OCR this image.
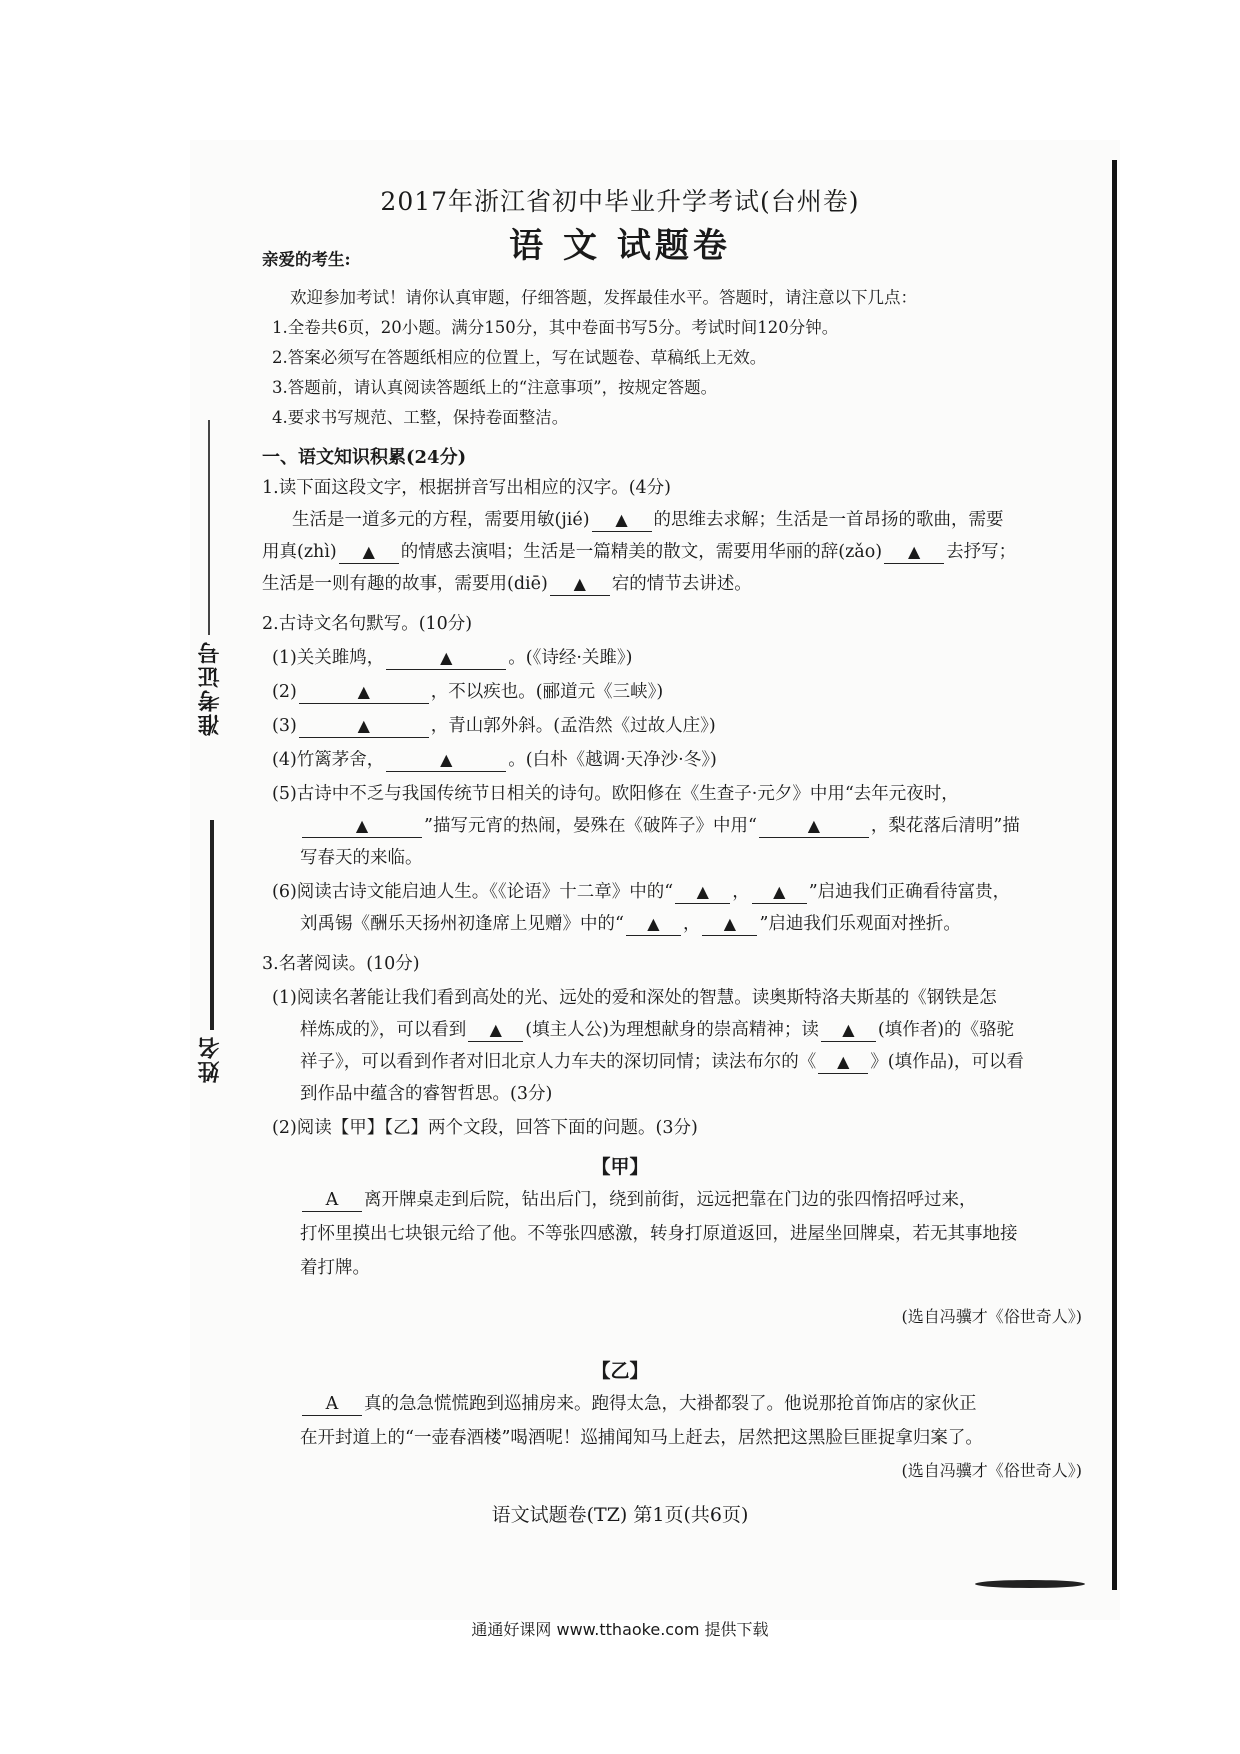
准考证号
姓名
2017年浙江省初中毕业升学考试(台州卷)
语 文 试题卷
亲爱的考生:
欢迎参加考试！请你认真审题，仔细答题，发挥最佳水平。答题时，请注意以下几点：
1.全卷共6页，20小题。满分150分，其中卷面书写5分。考试时间120分钟。
2.答案必须写在答题纸相应的位置上，写在试题卷、草稿纸上无效。
3.答题前，请认真阅读答题纸上的“注意事项”，按规定答题。
4.要求书写规范、工整，保持卷面整洁。
一、语文知识积累(24分)
1.读下面这段文字，根据拼音写出相应的汉字。(4分)
生活是一道多元的方程，需要用敏(jié) ▲ 的思维去求解；生活是一首昂扬的歌曲，需要
用真(zhì) ▲ 的情感去演唱；生活是一篇精美的散文，需要用华丽的辞(zǎo) ▲ 去抒写；
生活是一则有趣的故事，需要用(diē) ▲ 宕的情节去讲述。
2.古诗文名句默写。(10分)
(1)关关雎鸠，	▲	。(《诗经·关雎》)
(2)	▲	，不以疾也。(郦道元《三峡》)
(3)	▲	，青山郭外斜。(孟浩然《过故人庄》)
(4)竹篱茅舍，	▲	。(白朴《越调·天净沙·冬》)
(5)古诗中不乏与我国传统节日相关的诗句。欧阳修在《生查子·元夕》中用“去年元夜时，
▲	”描写元宵的热闹，晏殊在《破阵子》中用“	▲	，梨花落后清明”描
写春天的来临。
(6)阅读古诗文能启迪人生。《《论语》十二章》中的“ ▲ ， ▲ ”启迪我们正确看待富贵，
刘禹锡《酬乐天扬州初逢席上见赠》中的“ ▲ ， ▲ ”启迪我们乐观面对挫折。
3.名著阅读。(10分)
(1)阅读名著能让我们看到高处的光、远处的爱和深处的智慧。读奥斯特洛夫斯基的《钢铁是怎
样炼成的》，可以看到 ▲ (填主人公)为理想献身的崇高精神；读 ▲ (填作者)的《骆驼
祥子》，可以看到作者对旧北京人力车夫的深切同情；读法布尔的《 ▲ 》(填作品)，可以看
到作品中蕴含的睿智哲思。(3分)
(2)阅读【甲】【乙】两个文段，回答下面的问题。(3分)
【甲】
A 离开牌桌走到后院，钻出后门，绕到前街，远远把靠在门边的张四惰招呼过来，
打怀里摸出七块银元给了他。不等张四感激，转身打原道返回，进屋坐回牌桌，若无其事地接
着打牌。
(选自冯骥才《俗世奇人》)
【乙】
A 真的急急慌慌跑到巡捕房来。跑得太急，大褂都裂了。他说那抢首饰店的家伙正
在开封道上的“一壶春酒楼”喝酒呢！巡捕闻知马上赶去，居然把这黑脸巨匪捉拿归案了。
(选自冯骥才《俗世奇人》)
语文试题卷(TZ) 第1页(共6页)
通通好课网 www.tthaoke.com 提供下载
